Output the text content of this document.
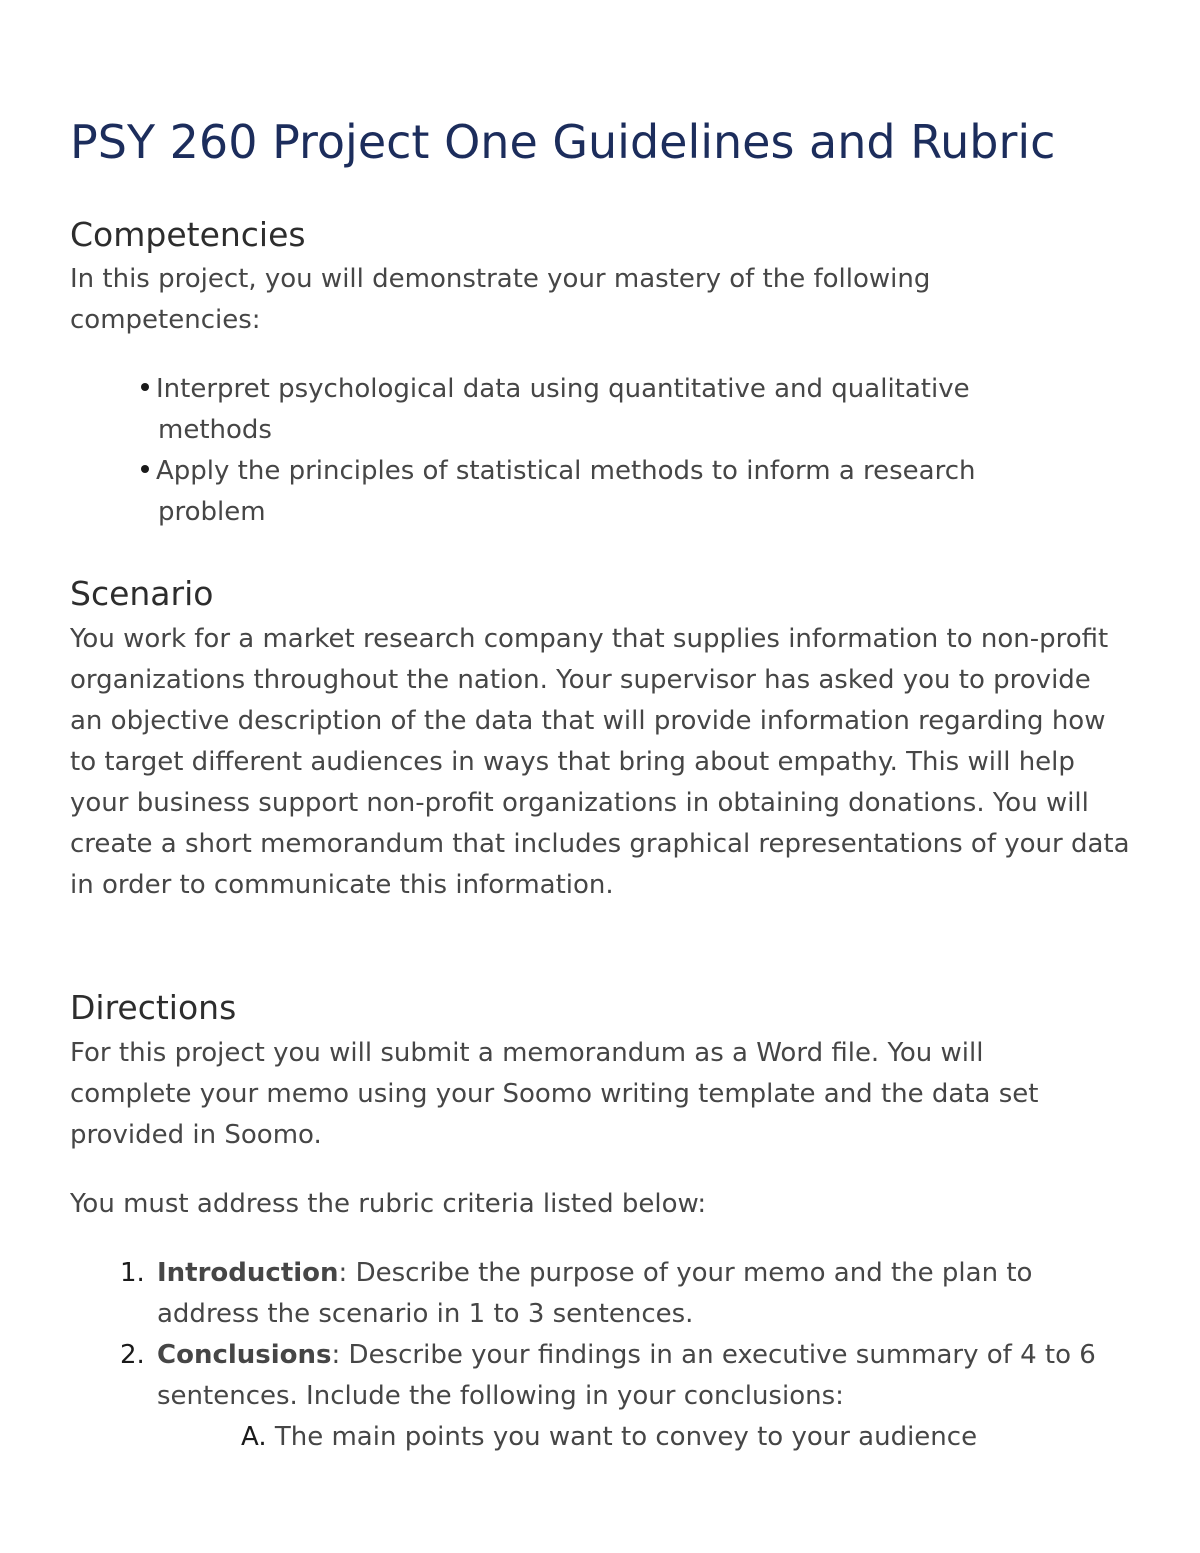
PSY 260 Project One Guidelines and Rubric
Competencies

In this project, you will demonstrate your mastery of the following competencies:

Interpret psychological data using quantitative and qualitative methods
Apply the principles of statistical methods to inform a research problem
Scenario

You work for a market research company that supplies information to non-profit organizations throughout the nation. Your supervisor has asked you to provide an objective description of the data that will provide information regarding how to target different audiences in ways that bring about empathy. This will help your business support non-profit organizations in obtaining donations. You will create a short memorandum that includes graphical representations of your data in order to communicate this information.

Directions

For this project you will submit a memorandum as a Word file. You will complete your memo using your Soomo writing template and the data set provided in Soomo.

You must address the rubric criteria listed below:

1. Introduction: Describe the purpose of your memo and the plan to address the scenario in 1 to 3 sentences.
2. Conclusions: Describe your findings in an executive summary of 4 to 6 sentences. Include the following in your conclusions:
A. The main points you want to convey to your audience
